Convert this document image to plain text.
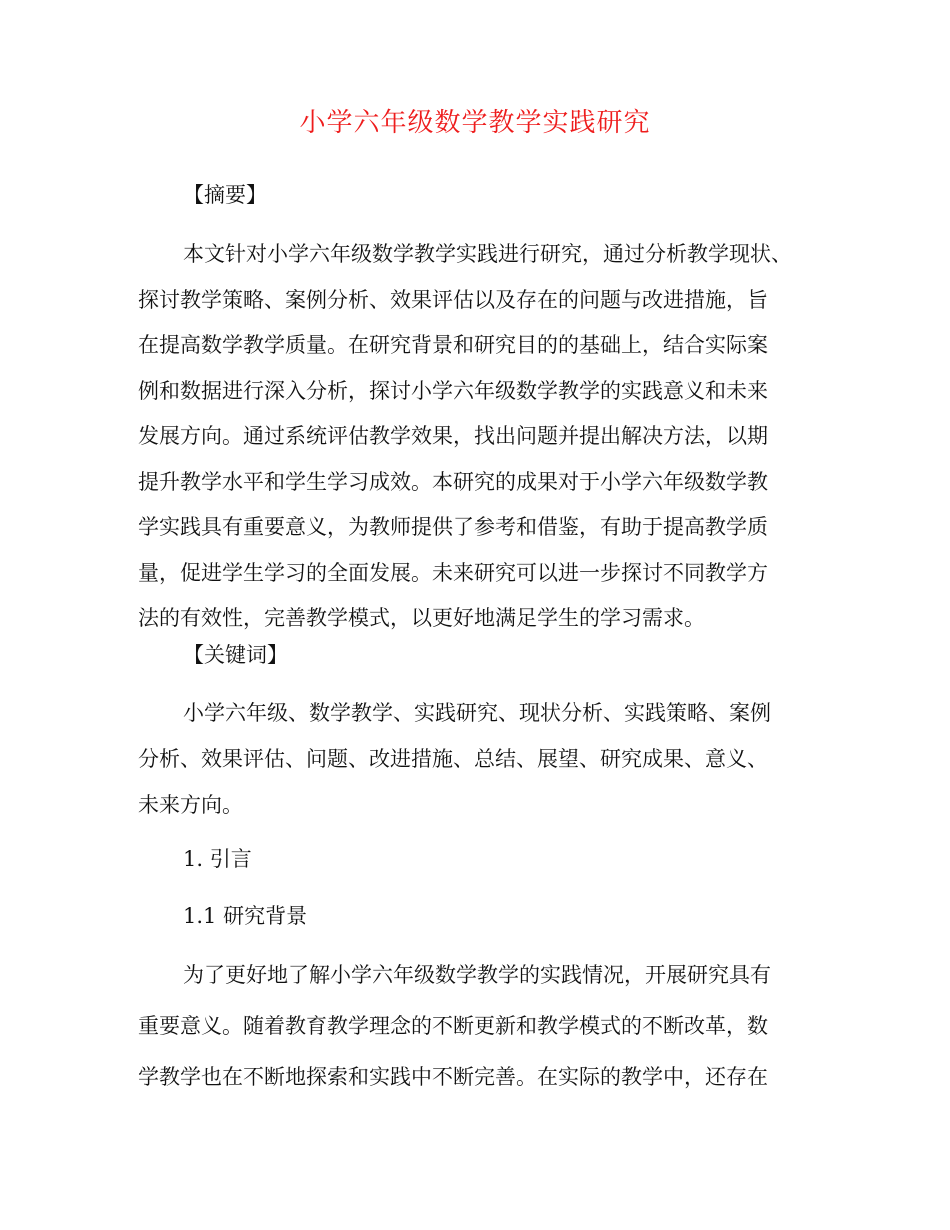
小学六年级数学教学实践研究
【摘要】
本文针对小学六年级数学教学实践进行研究，通过分析教学现状、
探讨教学策略、案例分析、效果评估以及存在的问题与改进措施，旨
在提高数学教学质量。在研究背景和研究目的的基础上，结合实际案
例和数据进行深入分析，探讨小学六年级数学教学的实践意义和未来
发展方向。通过系统评估教学效果，找出问题并提出解决方法，以期
提升教学水平和学生学习成效。本研究的成果对于小学六年级数学教
学实践具有重要意义，为教师提供了参考和借鉴，有助于提高教学质
量，促进学生学习的全面发展。未来研究可以进一步探讨不同教学方
法的有效性，完善教学模式，以更好地满足学生的学习需求。
【关键词】
小学六年级、数学教学、实践研究、现状分析、实践策略、案例
分析、效果评估、问题、改进措施、总结、展望、研究成果、意义、
未来方向。
1. 引言
1.1 研究背景
为了更好地了解小学六年级数学教学的实践情况，开展研究具有
重要意义。随着教育教学理念的不断更新和教学模式的不断改革，数
学教学也在不断地探索和实践中不断完善。在实际的教学中，还存在
